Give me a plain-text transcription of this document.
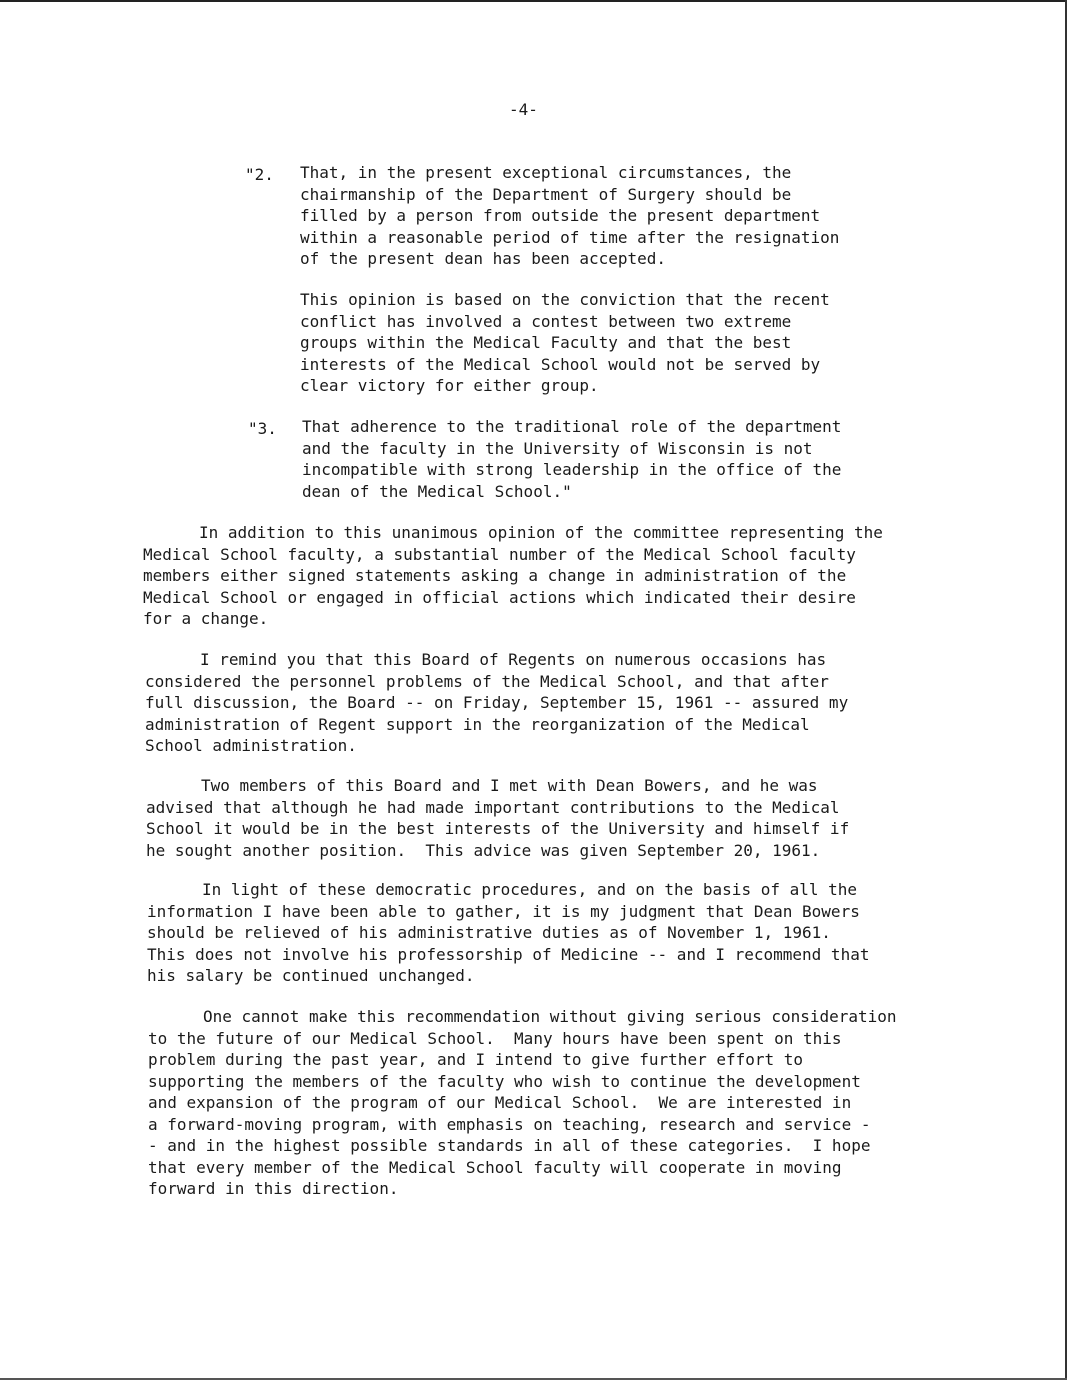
-4-
"2. That, in the present exceptional circumstances, the
chairmanship of the Department of Surgery should be
filled by a person from outside the present department
within a reasonable period of time after the resignation
of the present dean has been accepted.
This opinion is based on the conviction that the recent
conflict has involved a contest between two extreme
groups within the Medical Faculty and that the best
interests of the Medical School would not be served by
clear victory for either group.
"3. That adherence to the traditional role of the department
and the faculty in the University of Wisconsin is not
incompatible with strong leadership in the office of the
dean of the Medical School."
In addition to this unanimous opinion of the committee representing the
Medical School faculty, a substantial number of the Medical School faculty
members either signed statements asking a change in administration of the
Medical School or engaged in official actions which indicated their desire
for a change.
I remind you that this Board of Regents on numerous occasions has
considered the personnel problems of the Medical School, and that after
full discussion, the Board -- on Friday, September 15, 1961 -- assured my
administration of Regent support in the reorganization of the Medical
School administration.
Two members of this Board and I met with Dean Bowers, and he was
advised that although he had made important contributions to the Medical
School it would be in the best interests of the University and himself if
he sought another position.  This advice was given September 20, 1961.
In light of these democratic procedures, and on the basis of all the
information I have been able to gather, it is my judgment that Dean Bowers
should be relieved of his administrative duties as of November 1, 1961.
This does not involve his professorship of Medicine -- and I recommend that
his salary be continued unchanged.
One cannot make this recommendation without giving serious consideration
to the future of our Medical School.  Many hours have been spent on this
problem during the past year, and I intend to give further effort to
supporting the members of the faculty who wish to continue the development
and expansion of the program of our Medical School.  We are interested in
a forward-moving program, with emphasis on teaching, research and service -
- and in the highest possible standards in all of these categories.  I hope
that every member of the Medical School faculty will cooperate in moving
forward in this direction.
